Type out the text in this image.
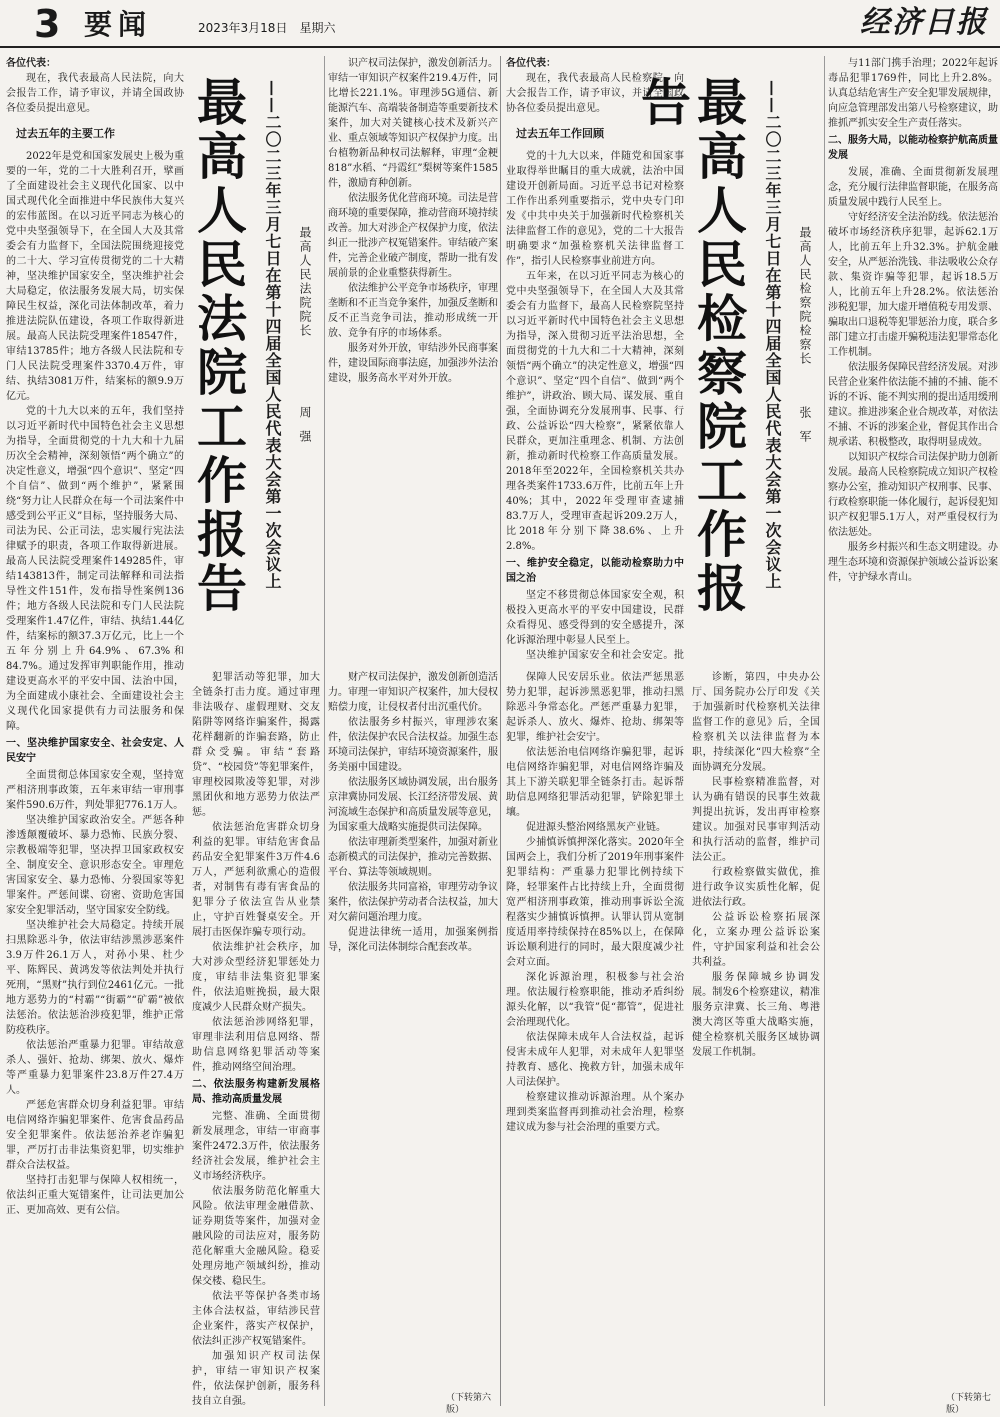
3 要闻	2023年3月18日　星期六	经济日报

各位代表：

现在，我代表最高人民法院，向大会报告工作，请予审议，并请全国政协各位委员提出意见。

过去五年的主要工作

2022年是党和国家发展史上极为重要的一年，党的二十大胜利召开，擘画了全面建设社会主义现代化国家、以中国式现代化全面推进中华民族伟大复兴的宏伟蓝图。在以习近平同志为核心的党中央坚强领导下，在全国人大及其常委会有力监督下，全国法院围绕迎接党的二十大、学习宣传贯彻党的二十大精神，坚决维护国家安全，坚决维护社会大局稳定，依法服务发展大局，切实保障民生权益，深化司法体制改革，着力推进法院队伍建设，各项工作取得新进展。最高人民法院受理案件18547件，审结13785件；地方各级人民法院和专门人民法院受理案件3370.4万件，审结、执结3081万件，结案标的额9.9万亿元。

党的十九大以来的五年，我们坚持以习近平新时代中国特色社会主义思想为指导，全面贯彻党的十九大和十九届历次全会精神，深刻领悟“两个确立”的决定性意义，增强“四个意识”、坚定“四个自信”、做到“两个维护”，紧紧围绕“努力让人民群众在每一个司法案件中感受到公平正义”目标，坚持服务大局、司法为民、公正司法，忠实履行宪法法律赋予的职责，各项工作取得新进展。最高人民法院受理案件149285件，审结143813件，制定司法解释和司法指导性文件151件，发布指导性案例136件；地方各级人民法院和专门人民法院受理案件1.47亿件，审结、执结1.44亿件，结案标的额37.3万亿元，比上一个五年分别上升64.9%、67.3%和84.7%。通过发挥审判职能作用，推动建设更高水平的平安中国、法治中国，为全面建成小康社会、全面建设社会主义现代化国家提供有力司法服务和保障。

一、坚决维护国家安全、社会安定、人民安宁

全面贯彻总体国家安全观，坚持宽严相济刑事政策，五年来审结一审刑事案件590.6万件，判处罪犯776.1万人。

坚决维护国家政治安全。严惩各种渗透颠覆破坏、暴力恐怖、民族分裂、宗教极端等犯罪，坚决捍卫国家政权安全、制度安全、意识形态安全。审理危害国家安全、暴力恐怖、分裂国家等犯罪案件。严惩间谍、窃密、资助危害国家安全犯罪活动，坚守国家安全防线。

坚决维护社会大局稳定。持续开展扫黑除恶斗争，依法审结涉黑涉恶案件3.9万件26.1万人，对孙小果、杜少平、陈辉民、黄鸿发等依法判处并执行死刑，“黑财”执行到位2461亿元。一批地方恶势力的“村霸”“街霸”“矿霸”被依法惩治。依法惩治涉疫犯罪，维护正常防疫秩序。

依法惩治严重暴力犯罪。审结故意杀人、强奸、抢劫、绑架、放火、爆炸等严重暴力犯罪案件23.8万件27.4万人。

严惩危害群众切身利益犯罪。审结电信网络诈骗犯罪案件、危害食品药品安全犯罪案件。依法惩治养老诈骗犯罪，严厉打击非法集资犯罪，切实维护群众合法权益。

坚持打击犯罪与保障人权相统一，依法纠正重大冤错案件，让司法更加公正、更加高效、更有公信。

最高人民法院工作报告	——二〇二三年三月七日在第十四届全国人民代表大会第一次会议上	最高人民法院院长
周强

识产权司法保护，激发创新活力。审结一审知识产权案件219.4万件，同比增长221.1%。审理涉5G通信、新能源汽车、高端装备制造等重要新技术案件，加大对关键核心技术及新兴产业、重点领域等知识产权保护力度。出台植物新品种权司法解释，审理“金粳818”水稻、“丹霞红”梨树等案件1585件，激励育种创新。

依法服务优化营商环境。司法是营商环境的重要保障，推动营商环境持续改善。加大对涉企产权保护力度，依法纠正一批涉产权冤错案件。审结破产案件，完善企业破产制度，帮助一批有发展前景的企业重整获得新生。

依法维护公平竞争市场秩序，审理垄断和不正当竞争案件，加强反垄断和反不正当竞争司法，推动形成统一开放、竞争有序的市场体系。

服务对外开放，审结涉外民商事案件，建设国际商事法庭，加强涉外法治建设，服务高水平对外开放。

犯罪活动等犯罪，加大全链条打击力度。通过审理非法吸存、虚假理财、交友陷阱等网络诈骗案件，揭露花样翻新的诈骗套路，防止群众受骗。审结“套路贷”、“校园贷”等犯罪案件，审理校园欺凌等犯罪，对涉黑团伙和地方恶势力依法严惩。

依法惩治危害群众切身利益的犯罪。审结危害食品药品安全犯罪案件3万件4.6万人，严惩利欲熏心的造假者，对制售有毒有害食品的犯罪分子依法宣告从业禁止，守护百姓餐桌安全。开展打击医保诈骗专项行动。

依法维护社会秩序，加大对涉众型经济犯罪惩处力度，审结非法集资犯罪案件，依法追赃挽损，最大限度减少人民群众财产损失。

依法惩治涉网络犯罪，审理非法利用信息网络、帮助信息网络犯罪活动等案件，推动网络空间治理。

二、依法服务构建新发展格局、推动高质量发展

完整、准确、全面贯彻新发展理念，审结一审商事案件2472.3万件，依法服务经济社会发展，维护社会主义市场经济秩序。

依法服务防范化解重大风险。依法审理金融借款、证券期货等案件，加强对金融风险的司法应对，服务防范化解重大金融风险。稳妥处理房地产领域纠纷，推动保交楼、稳民生。

依法平等保护各类市场主体合法权益，审结涉民营企业案件，落实产权保护，依法纠正涉产权冤错案件。

加强知识产权司法保护，审结一审知识产权案件，依法保护创新，服务科技自立自强。

财产权司法保护，激发创新创造活力。审理一审知识产权案件，加大侵权赔偿力度，让侵权者付出沉重代价。

依法服务乡村振兴，审理涉农案件，依法保护农民合法权益。加强生态环境司法保护，审结环境资源案件，服务美丽中国建设。

依法服务区域协调发展，出台服务京津冀协同发展、长江经济带发展、黄河流域生态保护和高质量发展等意见，为国家重大战略实施提供司法保障。

依法审理新类型案件，加强对新业态新模式的司法保护，推动完善数据、平台、算法等领域规则。

依法服务共同富裕，审理劳动争议案件，依法保护劳动者合法权益，加大对欠薪问题治理力度。

促进法律统一适用，加强案例指导，深化司法体制综合配套改革。

（下转第六版）

各位代表：

现在，我代表最高人民检察院，向大会报告工作，请予审议，并请全国政协各位委员提出意见。

过去五年工作回顾

党的十九大以来，伴随党和国家事业取得举世瞩目的重大成就，法治中国建设开创新局面。习近平总书记对检察工作作出系列重要指示，党中央专门印发《中共中央关于加强新时代检察机关法律监督工作的意见》，党的二十大报告明确要求“加强检察机关法律监督工作”，指引人民检察事业前进方向。

五年来，在以习近平同志为核心的党中央坚强领导下，在全国人大及其常委会有力监督下，最高人民检察院坚持以习近平新时代中国特色社会主义思想为指导，深入贯彻习近平法治思想，全面贯彻党的十九大和二十大精神，深刻领悟“两个确立”的决定性意义，增强“四个意识”、坚定“四个自信”、做到“两个维护”，讲政治、顾大局、谋发展、重自强，全面协调充分发展刑事、民事、行政、公益诉讼“四大检察”，紧紧依靠人民群众，更加注重理念、机制、方法创新，推动新时代检察工作高质量发展。2018年至2022年，全国检察机关共办理各类案件1733.6万件，比前五年上升40%；其中，2022年受理审查逮捕83.7万人，受理审查起诉209.2万人，比2018年分别下降38.6%、上升2.8%。

一、维护安全稳定，以能动检察助力中国之治

坚定不移贯彻总体国家安全观，积极投入更高水平的平安中国建设，民群众看得见、感受得到的安全感提升，深化诉源治理中彰显人民至上。

坚决维护国家安全和社会安定。批

最高人民检察院工作报告	——二〇二三年三月七日在第十四届全国人民代表大会第一次会议上	最高人民检察院检察长
张军

与11部门携手治理；2022年起诉毒品犯罪1769件，同比上升2.8%。认真总结危害生产安全犯罪发展规律，向应急管理部发出第八号检察建议，助推抓严抓实安全生产责任落实。

二、服务大局，以能动检察护航高质量发展

发展，准确、全面贯彻新发展理念，充分履行法律监督职能，在服务高质量发展中践行人民至上。

守好经济安全法治防线。依法惩治破坏市场经济秩序犯罪，起诉62.1万人，比前五年上升32.3%。护航金融安全，从严惩治洗钱、非法吸收公众存款、集资诈骗等犯罪，起诉18.5万人，比前五年上升28.2%。依法惩治涉税犯罪，加大虚开增值税专用发票、骗取出口退税等犯罪惩治力度，联合多部门建立打击虚开骗税违法犯罪常态化工作机制。

依法服务保障民营经济发展。对涉民营企业案件依法能不捕的不捕、能不诉的不诉、能不判实刑的提出适用缓刑建议。推进涉案企业合规改革，对依法不捕、不诉的涉案企业，督促其作出合规承诺、积极整改，取得明显成效。

以知识产权综合司法保护助力创新发展。最高人民检察院成立知识产权检察办公室，推动知识产权刑事、民事、行政检察职能一体化履行，起诉侵犯知识产权犯罪5.1万人，对严重侵权行为依法惩处。

服务乡村振兴和生态文明建设。办理生态环境和资源保护领域公益诉讼案件，守护绿水青山。

保障人民安居乐业。依法严惩黑恶势力犯罪，起诉涉黑恶犯罪，推动扫黑除恶斗争常态化。严惩严重暴力犯罪，起诉杀人、放火、爆炸、抢劫、绑架等犯罪，维护社会安宁。

依法惩治电信网络诈骗犯罪，起诉电信网络诈骗犯罪，对电信网络诈骗及其上下游关联犯罪全链条打击。起诉帮助信息网络犯罪活动犯罪，铲除犯罪土壤。

促进源头整治网络黑灰产业链。

少捕慎诉慎押深化落实。2020年全国两会上，我们分析了2019年刑事案件犯罪结构：严重暴力犯罪比例持续下降，轻罪案件占比持续上升，全面贯彻宽严相济刑事政策，推动刑事诉讼全流程落实少捕慎诉慎押。认罪认罚从宽制度适用率持续保持在85%以上，在保障诉讼顺利进行的同时，最大限度减少社会对立面。

深化诉源治理，积极参与社会治理。依法履行检察职能，推动矛盾纠纷源头化解，以“我管”促“都管”，促进社会治理现代化。

依法保障未成年人合法权益，起诉侵害未成年人犯罪，对未成年人犯罪坚持教育、感化、挽救方针，加强未成年人司法保护。

检察建议推动诉源治理。从个案办理到类案监督再到推动社会治理，检察建议成为参与社会治理的重要方式。

诊断，第四，中央办公厅、国务院办公厅印发《关于加强新时代检察机关法律监督工作的意见》后，全国检察机关以法律监督为本职，持续深化“四大检察”全面协调充分发展。

民事检察精准监督，对认为确有错误的民事生效裁判提出抗诉，发出再审检察建议。加强对民事审判活动和执行活动的监督，维护司法公正。

行政检察做实做优，推进行政争议实质性化解，促进依法行政。

公益诉讼检察拓展深化，立案办理公益诉讼案件，守护国家利益和社会公共利益。

服务保障城乡协调发展。制发6个检察建议，精准服务京津冀、长三角、粤港澳大湾区等重大战略实施，健全检察机关服务区域协调发展工作机制。

（下转第七版）
